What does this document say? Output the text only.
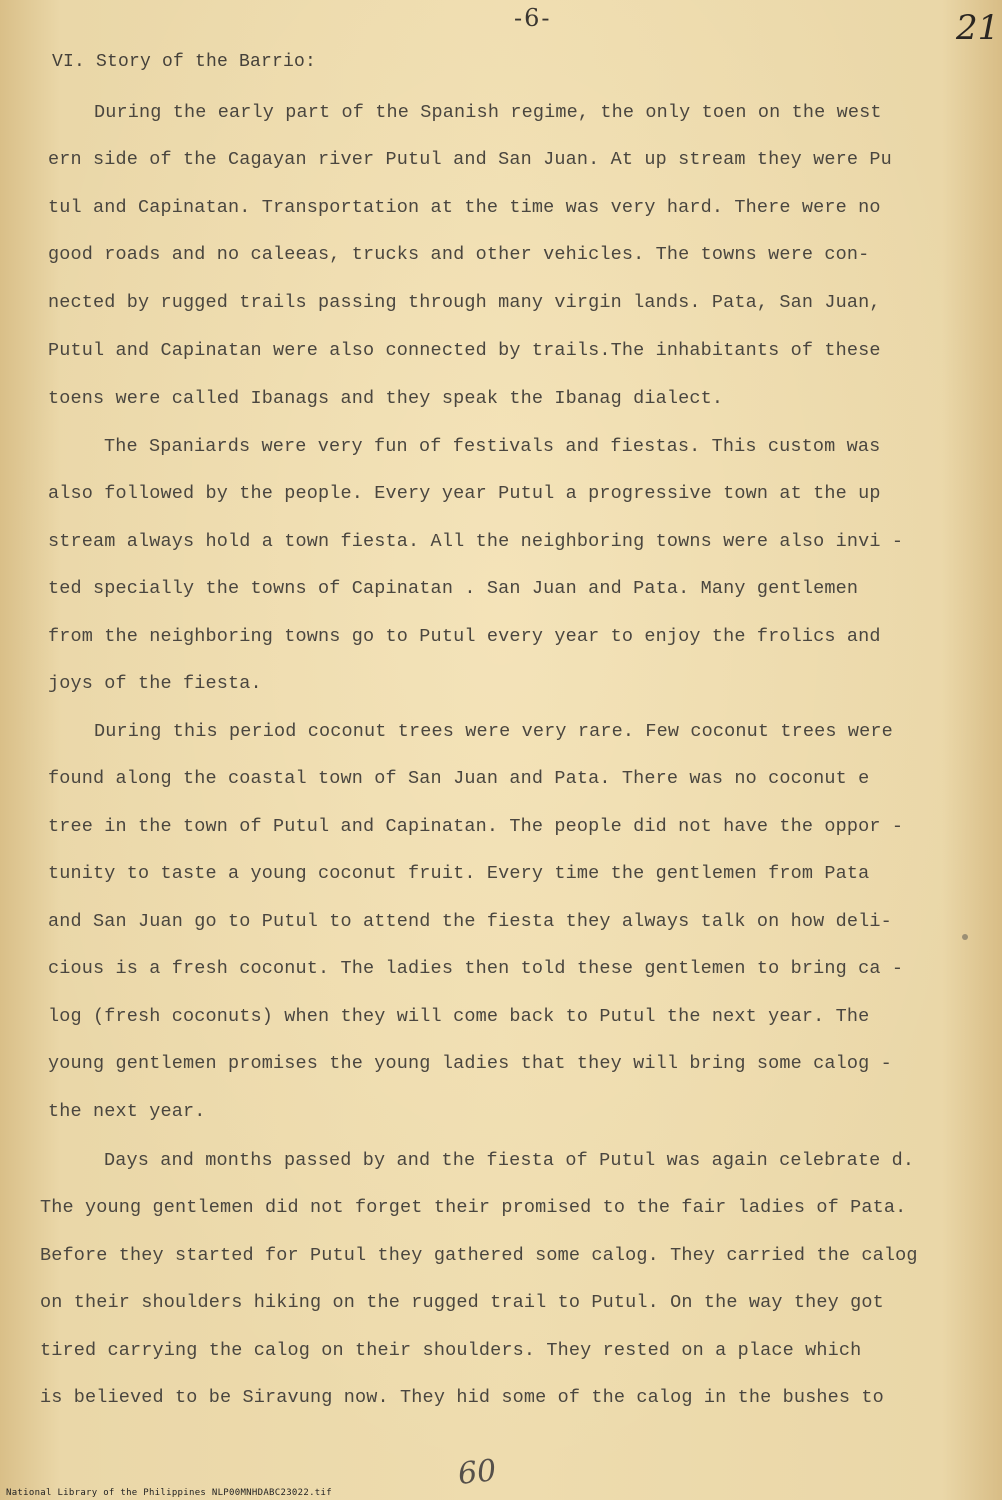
-6-	21
VI. Story of the Barrio:
During the early part of the Spanish regime, the only toen on the west
ern side of the Cagayan river Putul and San Juan. At up stream they were Pu
tul and Capinatan. Transportation at the time was very hard. There were no
good roads and no caleeas, trucks and other vehicles. The towns were con-
nected by rugged trails passing through many virgin lands. Pata, San Juan,
Putul and Capinatan were also connected by trails.The inhabitants of these
toens were called Ibanags and they speak the Ibanag dialect.
The Spaniards were very fun of festivals and fiestas. This custom was
also followed by the people. Every year Putul a progressive town at the up
stream always hold a town fiesta. All the neighboring towns were also invi -
ted specially the towns of Capinatan . San Juan and Pata. Many gentlemen
from the neighboring towns go to Putul every year to enjoy the frolics and
joys of the fiesta.
During this period coconut trees were very rare. Few coconut trees were
found along the coastal town of San Juan and Pata. There was no coconut e
tree in the town of Putul and Capinatan. The people did not have the oppor -
tunity to taste a young coconut fruit. Every time the gentlemen from Pata
and San Juan go to Putul to attend the fiesta they always talk on how deli-
cious is a fresh coconut. The ladies then told these gentlemen to bring ca -
log (fresh coconuts) when they will come back to Putul the next year. The
young gentlemen promises the young ladies that they will bring some calog -
the next year.
Days and months passed by and the fiesta of Putul was again celebrate d.
The young gentlemen did not forget their promised to the fair ladies of Pata.
Before they started for Putul they gathered some calog. They carried the calog
on their shoulders hiking on the rugged trail to Putul. On the way they got
tired carrying the calog on their shoulders. They rested on a place which
is believed to be Siravung now. They hid some of the calog in the bushes to
60
National Library of the Philippines NLP00MNHDABC23022.tif
